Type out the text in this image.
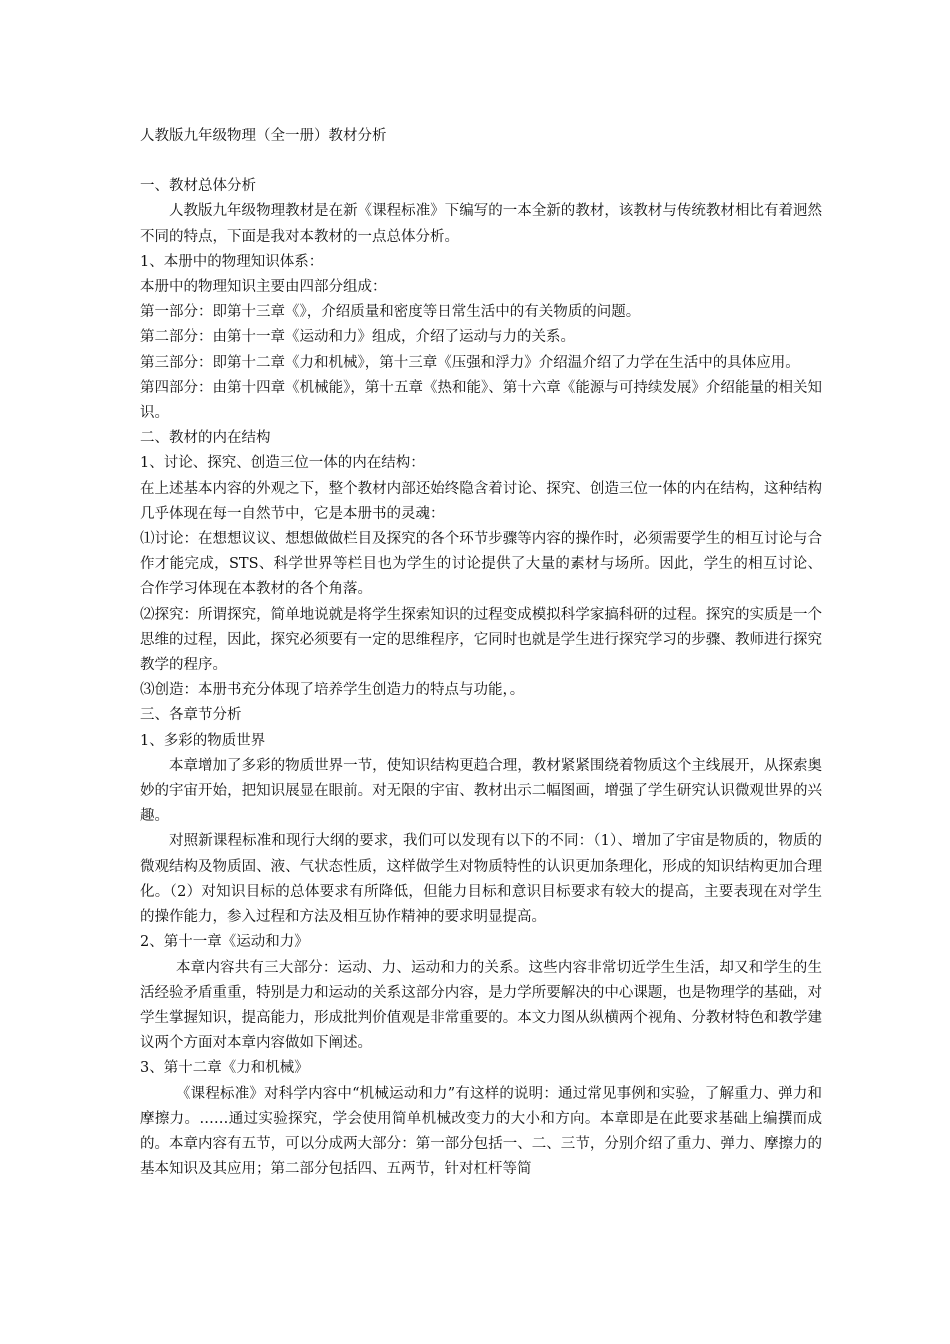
人教版九年级物理（全一册）教材分析

一、教材总体分析

人教版九年级物理教材是在新《课程标准》下编写的一本全新的教材，该教材与传统教材相比有着迥然不同的特点，下面是我对本教材的一点总体分析。

1、本册中的物理知识体系：

本册中的物理知识主要由四部分组成：

第一部分：即第十三章《》，介绍质量和密度等日常生活中的有关物质的问题。

第二部分：由第十一章《运动和力》组成，介绍了运动与力的关系。

第三部分：即第十二章《力和机械》，第十三章《压强和浮力》介绍温介绍了力学在生活中的具体应用。

第四部分：由第十四章《机械能》，第十五章《热和能》、第十六章《能源与可持续发展》介绍能量的相关知识。

二、教材的内在结构

1、讨论、探究、创造三位一体的内在结构：

在上述基本内容的外观之下，整个教材内部还始终隐含着讨论、探究、创造三位一体的内在结构，这种结构几乎体现在每一自然节中，它是本册书的灵魂：

⑴讨论：在想想议议、想想做做栏目及探究的各个环节步骤等内容的操作时，必须需要学生的相互讨论与合作才能完成，STS、科学世界等栏目也为学生的讨论提供了大量的素材与场所。因此，学生的相互讨论、合作学习体现在本教材的各个角落。

⑵探究：所谓探究，简单地说就是将学生探索知识的过程变成模拟科学家搞科研的过程。探究的实质是一个思维的过程，因此，探究必须要有一定的思维程序，它同时也就是学生进行探究学习的步骤、教师进行探究教学的程序。

⑶创造：本册书充分体现了培养学生创造力的特点与功能，。

三、各章节分析

1、多彩的物质世界

本章增加了多彩的物质世界一节，使知识结构更趋合理，教材紧紧围绕着物质这个主线展开，从探索奥妙的宇宙开始，把知识展显在眼前。对无限的宇宙、教材出示二幅图画，增强了学生研究认识微观世界的兴趣。

对照新课程标准和现行大纲的要求，我们可以发现有以下的不同：（1）、增加了宇宙是物质的，物质的微观结构及物质固、液、气状态性质，这样做学生对物质特性的认识更加条理化，形成的知识结构更加合理化。（2）对知识目标的总体要求有所降低，但能力目标和意识目标要求有较大的提高，主要表现在对学生的操作能力，参入过程和方法及相互协作精神的要求明显提高。

2、第十一章《运动和力》

本章内容共有三大部分：运动、力、运动和力的关系。这些内容非常切近学生生活，却又和学生的生活经验矛盾重重，特别是力和运动的关系这部分内容，是力学所要解决的中心课题，也是物理学的基础，对学生掌握知识，提高能力，形成批判价值观是非常重要的。本文力图从纵横两个视角、分教材特色和教学建议两个方面对本章内容做如下阐述。

3、第十二章《力和机械》

《课程标准》对科学内容中“机械运动和力”有这样的说明：通过常见事例和实验，了解重力、弹力和摩擦力。……通过实验探究，学会使用简单机械改变力的大小和方向。本章即是在此要求基础上编撰而成的。本章内容有五节，可以分成两大部分：第一部分包括一、二、三节，分别介绍了重力、弹力、摩擦力的基本知识及其应用；第二部分包括四、五两节，针对杠杆等简
